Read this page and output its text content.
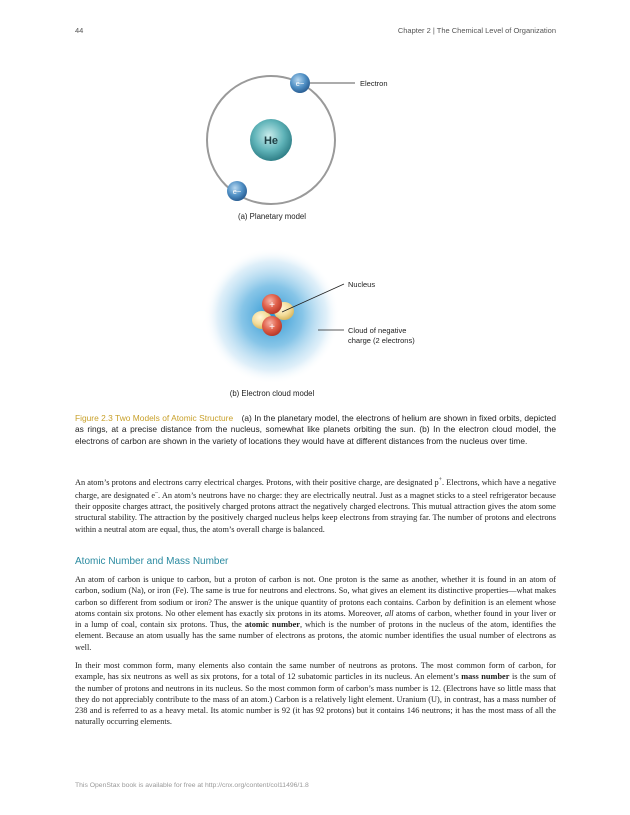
44	Chapter 2 | The Chemical Level of Organization
He
e−
e−
Electron
(a) Planetary model
+
+
Nucleus
Cloud of negative
charge (2 electrons)
(b) Electron cloud model
Figure 2.3 Two Models of Atomic Structure (a) In the planetary model, the electrons of helium are shown in fixed orbits, depicted as rings, at a precise distance from the nucleus, somewhat like planets orbiting the sun. (b) In the electron cloud model, the electrons of carbon are shown in the variety of locations they would have at different distances from the nucleus over time.
An atom’s protons and electrons carry electrical charges. Protons, with their positive charge, are designated p+. Electrons, which have a negative charge, are designated e–. An atom’s neutrons have no charge: they are electrically neutral. Just as a magnet sticks to a steel refrigerator because their opposite charges attract, the positively charged protons attract the negatively charged electrons. This mutual attraction gives the atom some structural stability. The attraction by the positively charged nucleus helps keep electrons from straying far. The number of protons and electrons within a neutral atom are equal, thus, the atom’s overall charge is balanced.
Atomic Number and Mass Number
An atom of carbon is unique to carbon, but a proton of carbon is not. One proton is the same as another, whether it is found in an atom of carbon, sodium (Na), or iron (Fe). The same is true for neutrons and electrons. So, what gives an element its distinctive properties—what makes carbon so different from sodium or iron? The answer is the unique quantity of protons each contains. Carbon by definition is an element whose atoms contain six protons. No other element has exactly six protons in its atoms. Moreover, all atoms of carbon, whether found in your liver or in a lump of coal, contain six protons. Thus, the atomic number, which is the number of protons in the nucleus of the atom, identifies the element. Because an atom usually has the same number of electrons as protons, the atomic number identifies the usual number of electrons as well.
In their most common form, many elements also contain the same number of neutrons as protons. The most common form of carbon, for example, has six neutrons as well as six protons, for a total of 12 subatomic particles in its nucleus. An element’s mass number is the sum of the number of protons and neutrons in its nucleus. So the most common form of carbon’s mass number is 12. (Electrons have so little mass that they do not appreciably contribute to the mass of an atom.) Carbon is a relatively light element. Uranium (U), in contrast, has a mass number of 238 and is referred to as a heavy metal. Its atomic number is 92 (it has 92 protons) but it contains 146 neutrons; it has the most mass of all the naturally occurring elements.
This OpenStax book is available for free at http://cnx.org/content/col11496/1.8
